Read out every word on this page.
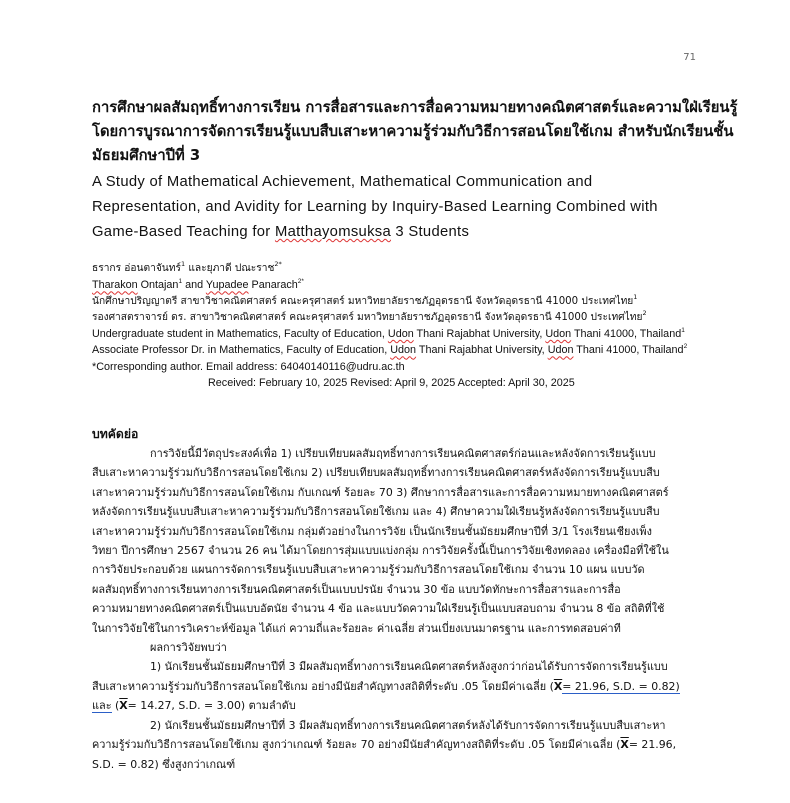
71
การศึกษาผลสัมฤทธิ์ทางการเรียน การสื่อสารและการสื่อความหมายทางคณิตศาสตร์และความใฝ่เรียนรู้
โดยการบูรณาการจัดการเรียนรู้แบบสืบเสาะหาความรู้ร่วมกับวิธีการสอนโดยใช้เกม สำหรับนักเรียนชั้น
มัธยมศึกษาปีที่ 3
A Study of Mathematical Achievement, Mathematical Communication and
Representation, and Avidity for Learning by Inquiry-Based Learning Combined with
Game-Based Teaching for Matthayomsuksa 3 Students
ธรากร อ่อนตาจันทร์$^1$ และยุภาดี ปณะราช$^{2*}$
Tharakon Ontajan$^1$ and Yupadee Panarach$^{2*}$
นักศึกษาปริญญาตรี สาขาวิชาคณิตศาสตร์ คณะครุศาสตร์ มหาวิทยาลัยราชภัฏอุดรธานี จังหวัดอุดรธานี 41000 ประเทศไทย$^1$
รองศาสตราจารย์ ดร. สาขาวิชาคณิตศาสตร์ คณะครุศาสตร์ มหาวิทยาลัยราชภัฏอุดรธานี จังหวัดอุดรธานี 41000 ประเทศไทย$^2$
Undergraduate student in Mathematics, Faculty of Education, Udon Thani Rajabhat University, Udon Thani 41000, Thailand$^1$
Associate Professor Dr. in Mathematics, Faculty of Education, Udon Thani Rajabhat University, Udon Thani 41000, Thailand$^2$
*Corresponding author. Email address: 64040140116@udru.ac.th
Received: February 10, 2025 Revised: April 9, 2025 Accepted: April 30, 2025
บทคัดย่อ
การวิจัยนี้มีวัตถุประสงค์เพื่อ 1) เปรียบเทียบผลสัมฤทธิ์ทางการเรียนคณิตศาสตร์ก่อนและหลังจัดการเรียนรู้แบบ
สืบเสาะหาความรู้ร่วมกับวิธีการสอนโดยใช้เกม 2) เปรียบเทียบผลสัมฤทธิ์ทางการเรียนคณิตศาสตร์หลังจัดการเรียนรู้แบบสืบ
เสาะหาความรู้ร่วมกับวิธีการสอนโดยใช้เกม กับเกณฑ์ ร้อยละ 70 3) ศึกษาการสื่อสารและการสื่อความหมายทางคณิตศาสตร์
หลังจัดการเรียนรู้แบบสืบเสาะหาความรู้ร่วมกับวิธีการสอนโดยใช้เกม และ 4) ศึกษาความใฝ่เรียนรู้หลังจัดการเรียนรู้แบบสืบ
เสาะหาความรู้ร่วมกับวิธีการสอนโดยใช้เกม กลุ่มตัวอย่างในการวิจัย เป็นนักเรียนชั้นมัธยมศึกษาปีที่ 3/1 โรงเรียนเชียงเพ็ง
วิทยา ปีการศึกษา 2567 จำนวน 26 คน ได้มาโดยการสุ่มแบบแบ่งกลุ่ม การวิจัยครั้งนี้เป็นการวิจัยเชิงทดลอง เครื่องมือที่ใช้ใน
การวิจัยประกอบด้วย แผนการจัดการเรียนรู้แบบสืบเสาะหาความรู้ร่วมกับวิธีการสอนโดยใช้เกม จำนวน 10 แผน แบบวัด
ผลสัมฤทธิ์ทางการเรียนทางการเรียนคณิตศาสตร์เป็นแบบปรนัย จำนวน 30 ข้อ แบบวัดทักษะการสื่อสารและการสื่อ
ความหมายทางคณิตศาสตร์เป็นแบบอัตนัย จำนวน 4 ข้อ และแบบวัดความใฝ่เรียนรู้เป็นแบบสอบถาม จำนวน 8 ข้อ สถิติที่ใช้
ในการวิจัยใช้ในการวิเคราะห์ข้อมูล ได้แก่ ความถี่และร้อยละ ค่าเฉลี่ย ส่วนเบี่ยงเบนมาตรฐาน และการทดสอบค่าที
ผลการวิจัยพบว่า
1) นักเรียนชั้นมัธยมศึกษาปีที่ 3 มีผลสัมฤทธิ์ทางการเรียนคณิตศาสตร์หลังสูงกว่าก่อนได้รับการจัดการเรียนรู้แบบ
สืบเสาะหาความรู้ร่วมกับวิธีการสอนโดยใช้เกม อย่างมีนัยสำคัญทางสถิติที่ระดับ .05 โดยมีค่าเฉลี่ย ($\overline{X}= 21.96$, S.D. = 0.82)
และ ($\overline{X}= 14.27$, S.D. = 3.00) ตามลำดับ
2) นักเรียนชั้นมัธยมศึกษาปีที่ 3 มีผลสัมฤทธิ์ทางการเรียนคณิตศาสตร์หลังได้รับการจัดการเรียนรู้แบบสืบเสาะหา
ความรู้ร่วมกับวิธีการสอนโดยใช้เกม สูงกว่าเกณฑ์ ร้อยละ 70 อย่างมีนัยสำคัญทางสถิติที่ระดับ .05 โดยมีค่าเฉลี่ย ($\overline{X}= 21.96$,
S.D. = 0.82) ซึ่งสูงกว่าเกณฑ์
